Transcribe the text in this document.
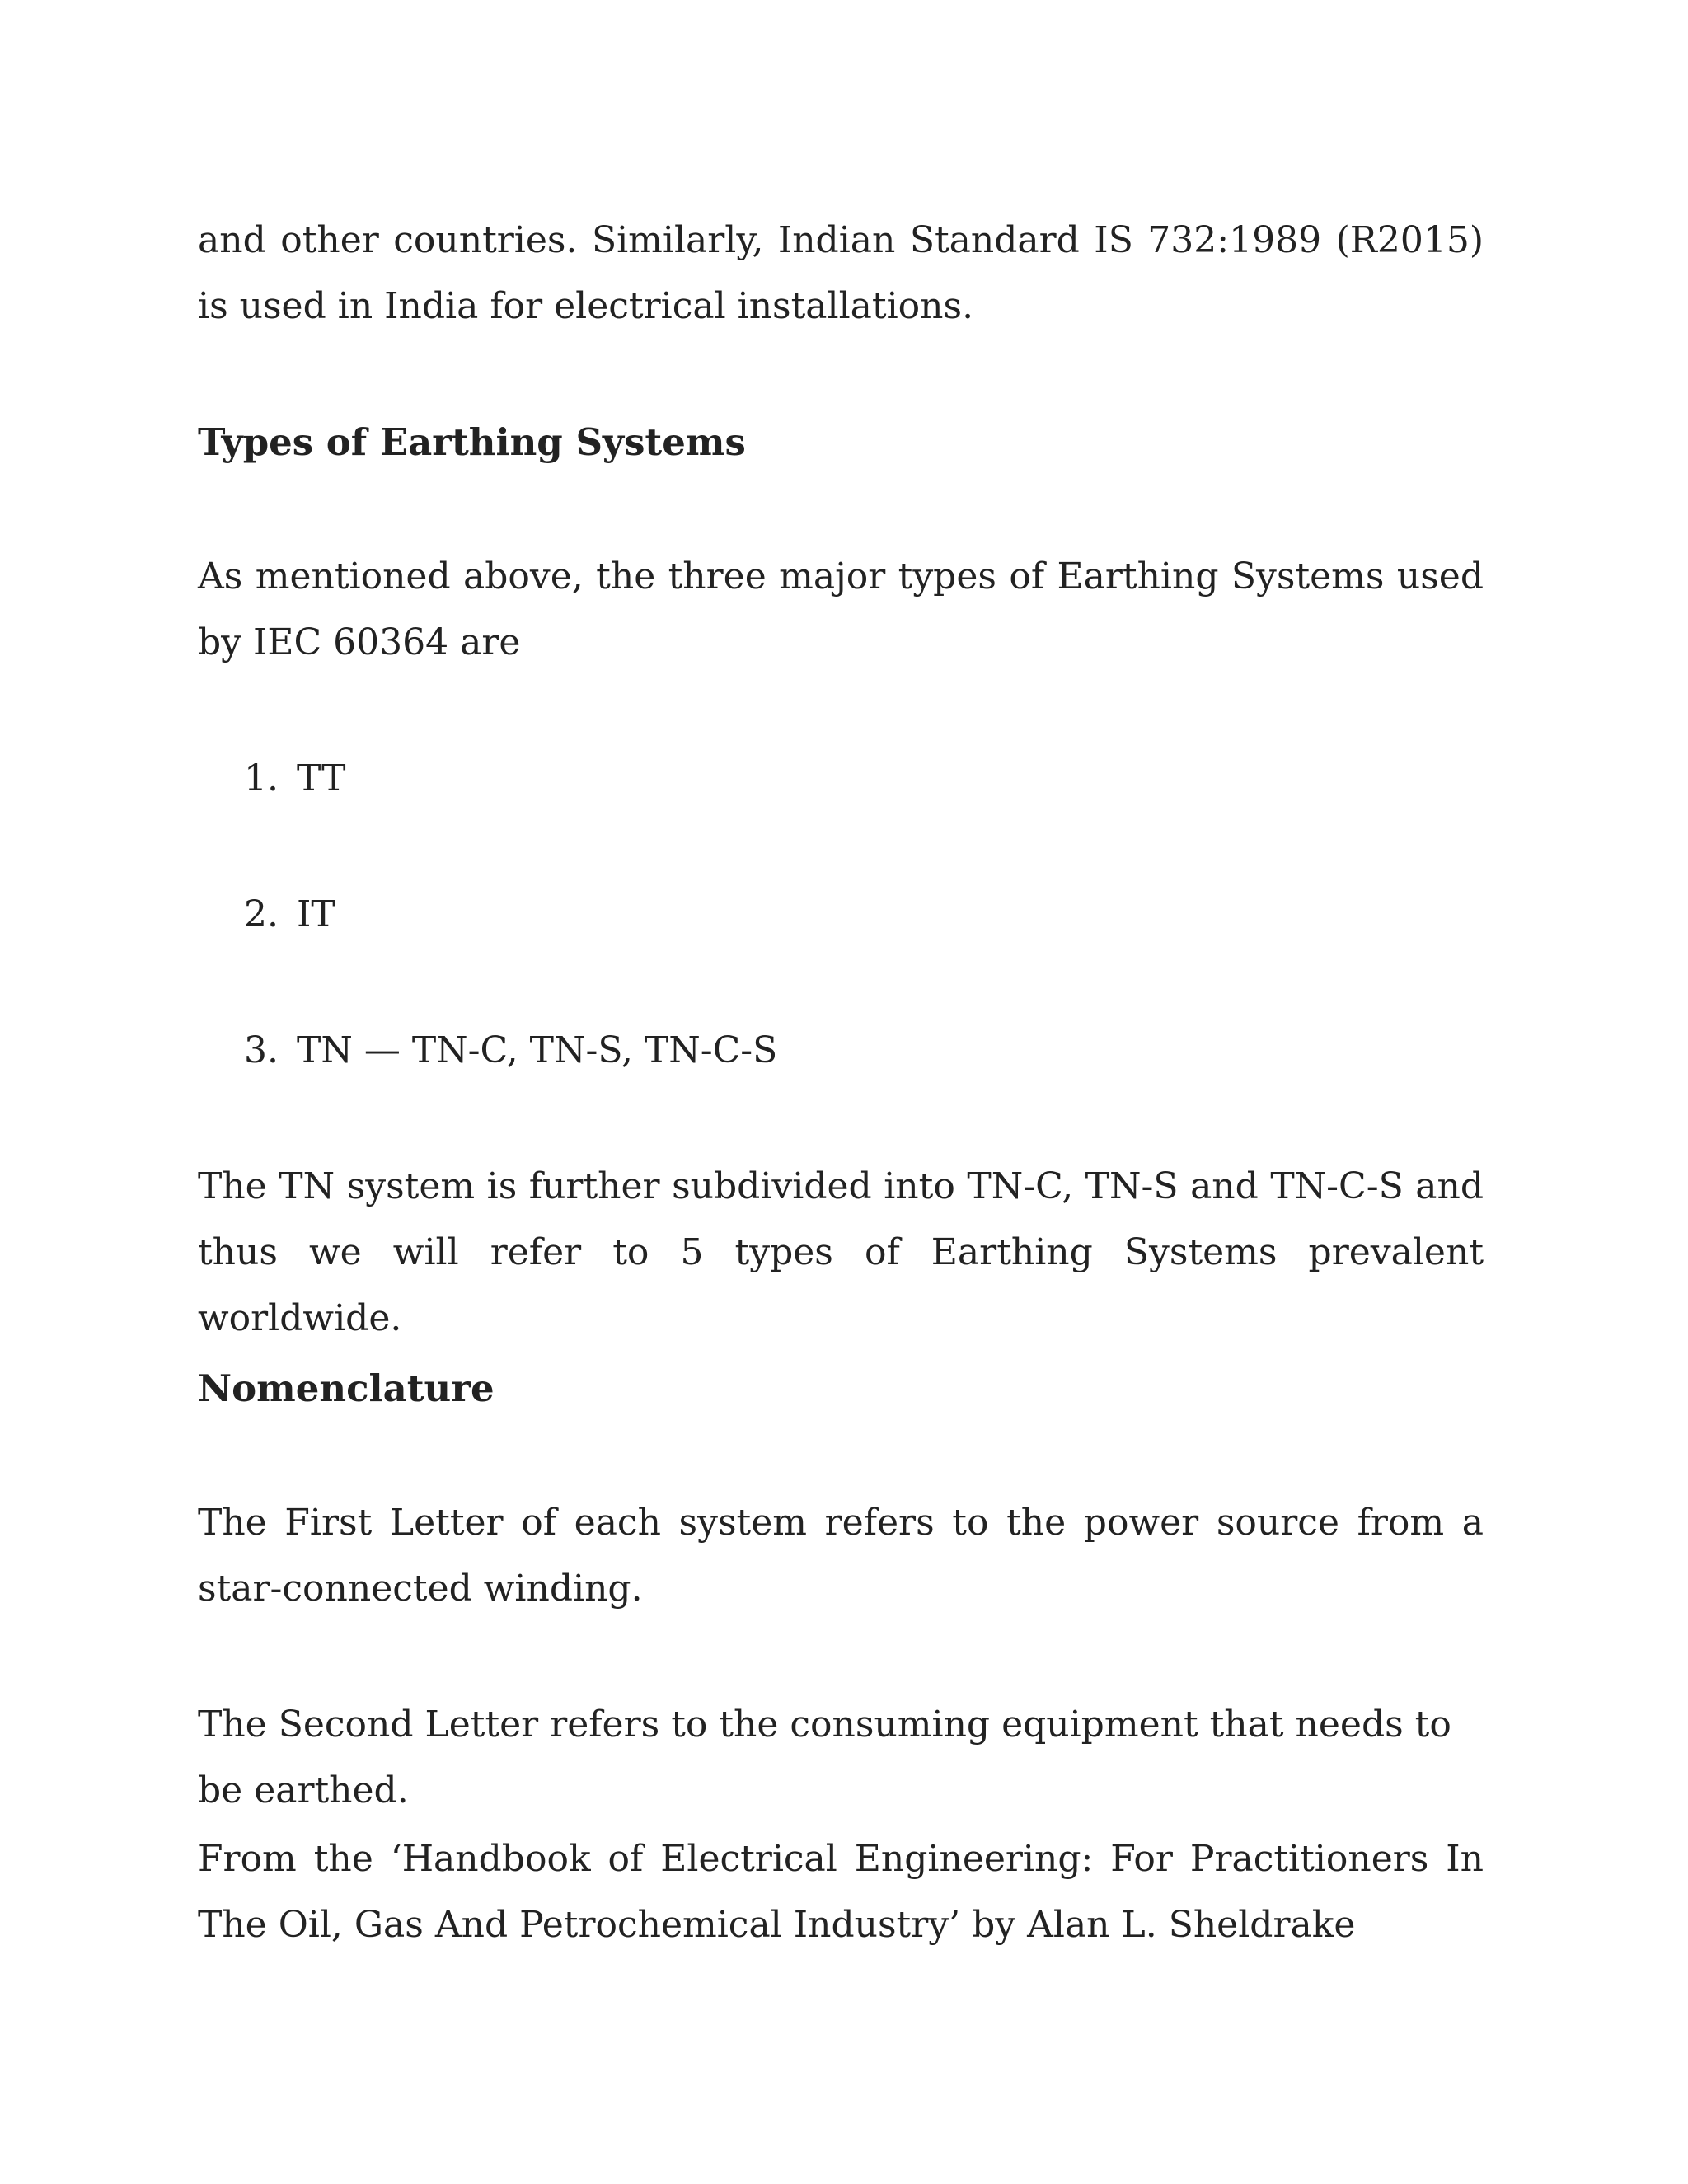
and other countries. Similarly, Indian Standard IS 732:1989 (R2015) is used in India for electrical installations.

Types of Earthing Systems

As mentioned above, the three major types of Earthing Systems used by IEC 60364 are

1. TT
2. IT
3. TN — TN-C, TN-S, TN-C-S

The TN system is further subdivided into TN-C, TN-S and TN-C-S and thus we will refer to 5 types of Earthing Systems prevalent worldwide.

Nomenclature

The First Letter of each system refers to the power source from a star-connected winding.

The Second Letter refers to the consuming equipment that needs to be earthed.

From the ‘Handbook of Electrical Engineering: For Practitioners In The Oil, Gas And Petrochemical Industry’ by Alan L. Sheldrake
